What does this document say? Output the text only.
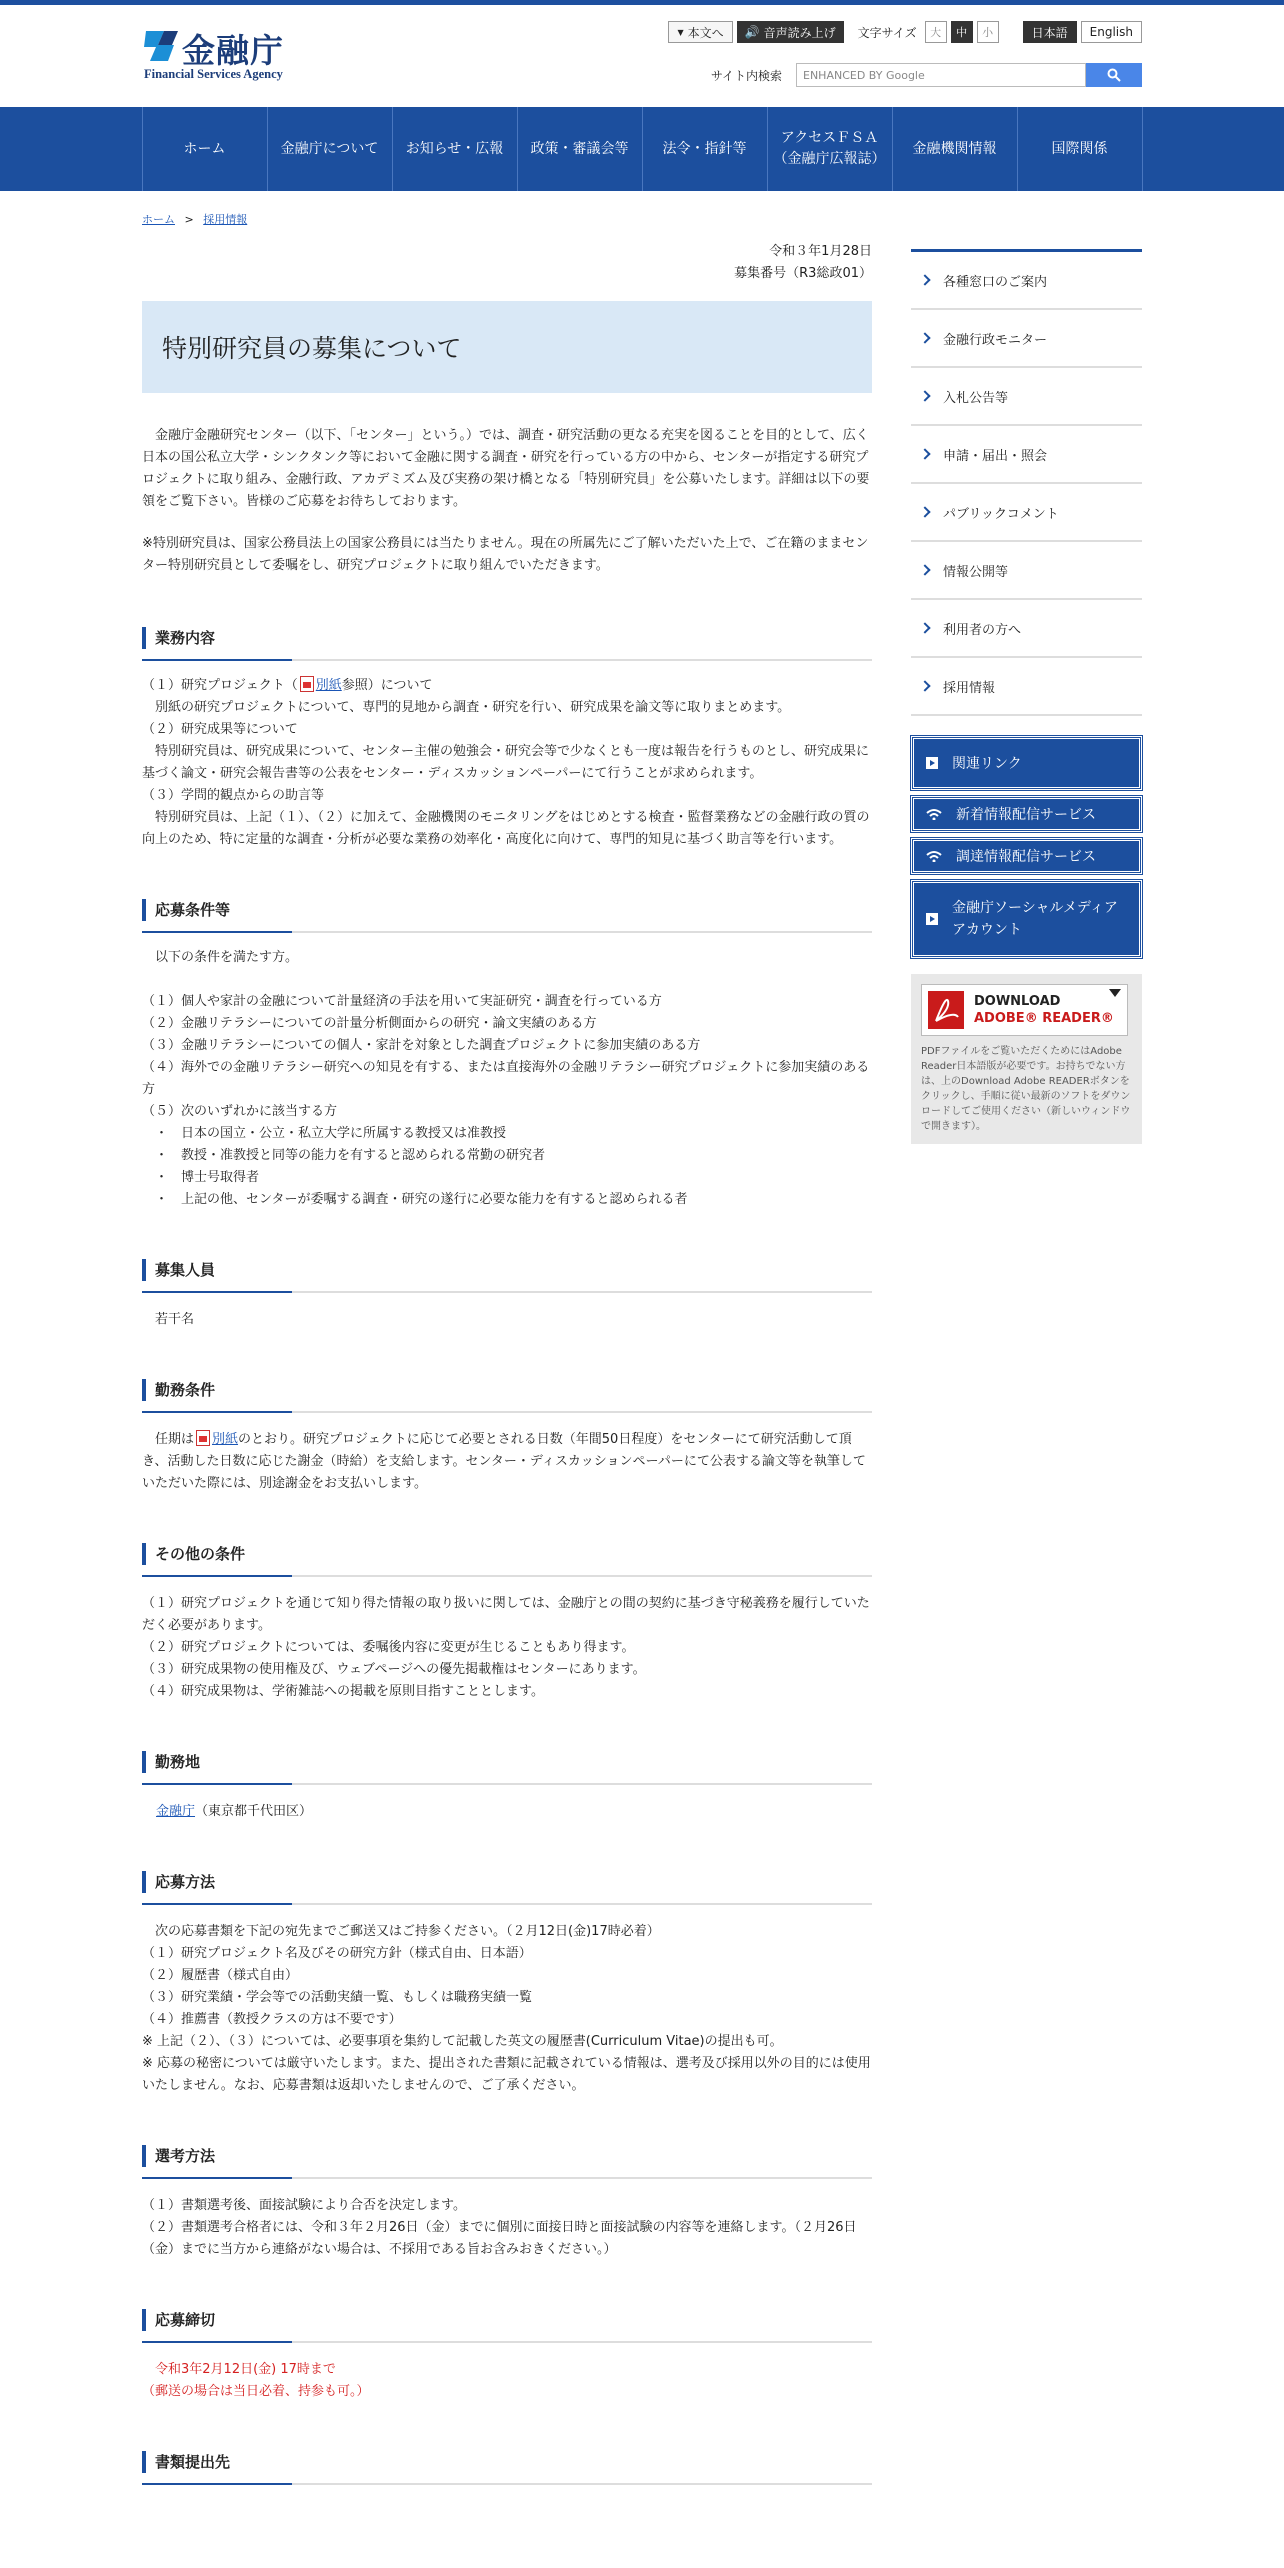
金融庁
Financial Services Agency
▼ 本文へ 🔊 音声読み上げ 文字サイズ	大	中	小	日本語	English
サイト内検索	ENHANCED BY Google
ホーム	金融庁について	お知らせ・広報	政策・審議会等	法令・指針等
アクセスＦＳＡ
（金融庁広報誌）
金融機関情報	国際関係
ホーム > 採用情報
令和３年1月28日
募集番号（R3総政01）
特別研究員の募集について

　金融庁金融研究センター（以下、「センター」という。）では、調査・研究活動の更なる充実を図ることを目的として、広く日本の国公私立大学・シンクタンク等において金融に関する調査・研究を行っている方の中から、センターが指定する研究プロジェクトに取り組み、金融行政、アカデミズム及び実務の架け橋となる「特別研究員」を公募いたします。詳細は以下の要領をご覧下さい。皆様のご応募をお待ちしております。

※特別研究員は、国家公務員法上の国家公務員には当たりません。現在の所属先にご了解いただいた上で、ご在籍のままセンター特別研究員として委嘱をし、研究プロジェクトに取り組んでいただきます。

業務内容
（１）研究プロジェクト（ 別紙参照）について
　別紙の研究プロジェクトについて、専門的見地から調査・研究を行い、研究成果を論文等に取りまとめます。
（２）研究成果等について
　特別研究員は、研究成果について、センター主催の勉強会・研究会等で少なくとも一度は報告を行うものとし、研究成果に基づく論文・研究会報告書等の公表をセンター・ディスカッションペーパーにて行うことが求められます。
（３）学問的観点からの助言等
　特別研究員は、上記（１）、（２）に加えて、金融機関のモニタリングをはじめとする検査・監督業務などの金融行政の質の向上のため、特に定量的な調査・分析が必要な業務の効率化・高度化に向けて、専門的知見に基づく助言等を行います。
応募条件等
　以下の条件を満たす方。
（１）個人や家計の金融について計量経済の手法を用いて実証研究・調査を行っている方
（２）金融リテラシーについての計量分析側面からの研究・論文実績のある方
（３）金融リテラシーについての個人・家計を対象とした調査プロジェクトに参加実績のある方
（４）海外での金融リテラシー研究への知見を有する、または直接海外の金融リテラシー研究プロジェクトに参加実績のある方
（５）次のいずれかに該当する方
　・　日本の国立・公立・私立大学に所属する教授又は准教授
　・　教授・准教授と同等の能力を有すると認められる常勤の研究者
　・　博士号取得者
　・　上記の他、センターが委嘱する調査・研究の遂行に必要な能力を有すると認められる者
募集人員
　若干名
勤務条件
　任期は 別紙のとおり。研究プロジェクトに応じて必要とされる日数（年間50日程度）をセンターにて研究活動して頂き、活動した日数に応じた謝金（時給）を支給します。センター・ディスカッションペーパーにて公表する論文等を執筆していただいた際には、別途謝金をお支払いします。
その他の条件
（１）研究プロジェクトを通じて知り得た情報の取り扱いに関しては、金融庁との間の契約に基づき守秘義務を履行していただく必要があります。
（２）研究プロジェクトについては、委嘱後内容に変更が生じることもあり得ます。
（３）研究成果物の使用権及び、ウェブページへの優先掲載権はセンターにあります。
（４）研究成果物は、学術雑誌への掲載を原則目指すこととします。
勤務地
金融庁（東京都千代田区）
応募方法
　次の応募書類を下記の宛先までご郵送又はご持参ください。（２月12日(金)17時必着）
（１）研究プロジェクト名及びその研究方針（様式自由、日本語）
（２）履歴書（様式自由）
（３）研究業績・学会等での活動実績一覧、もしくは職務実績一覧
（４）推薦書（教授クラスの方は不要です）
※ 上記（２）、（３）については、必要事項を集約して記載した英文の履歴書(Curriculum Vitae)の提出も可。
※ 応募の秘密については厳守いたします。また、提出された書類に記載されている情報は、選考及び採用以外の目的には使用いたしません。なお、応募書類は返却いたしませんので、ご了承ください。
選考方法
（１）書類選考後、面接試験により合否を決定します。
（２）書類選考合格者には、令和３年２月26日（金）までに個別に面接日時と面接試験の内容等を連絡します。（２月26日（金）までに当方から連絡がない場合は、不採用である旨お含みおきください。）
応募締切
　令和3年2月12日(金) 17時まで
（郵送の場合は当日必着、持参も可。）
書類提出先
各種窓口のご案内
金融行政モニター
入札公告等
申請・届出・照会
パブリックコメント
情報公開等
利用者の方へ
採用情報
関連リンク
新着情報配信サービス
調達情報配信サービス
金融庁ソーシャルメディアアカウント
DOWNLOAD
ADOBE® READER®
PDFファイルをご覧いただくためにはAdobe Reader日本語版が必要です。お持ちでない方は、上のDownload Adobe READERボタンをクリックし、手順に従い最新のソフトをダウンロードしてご使用ください（新しいウィンドウで開きます）。
